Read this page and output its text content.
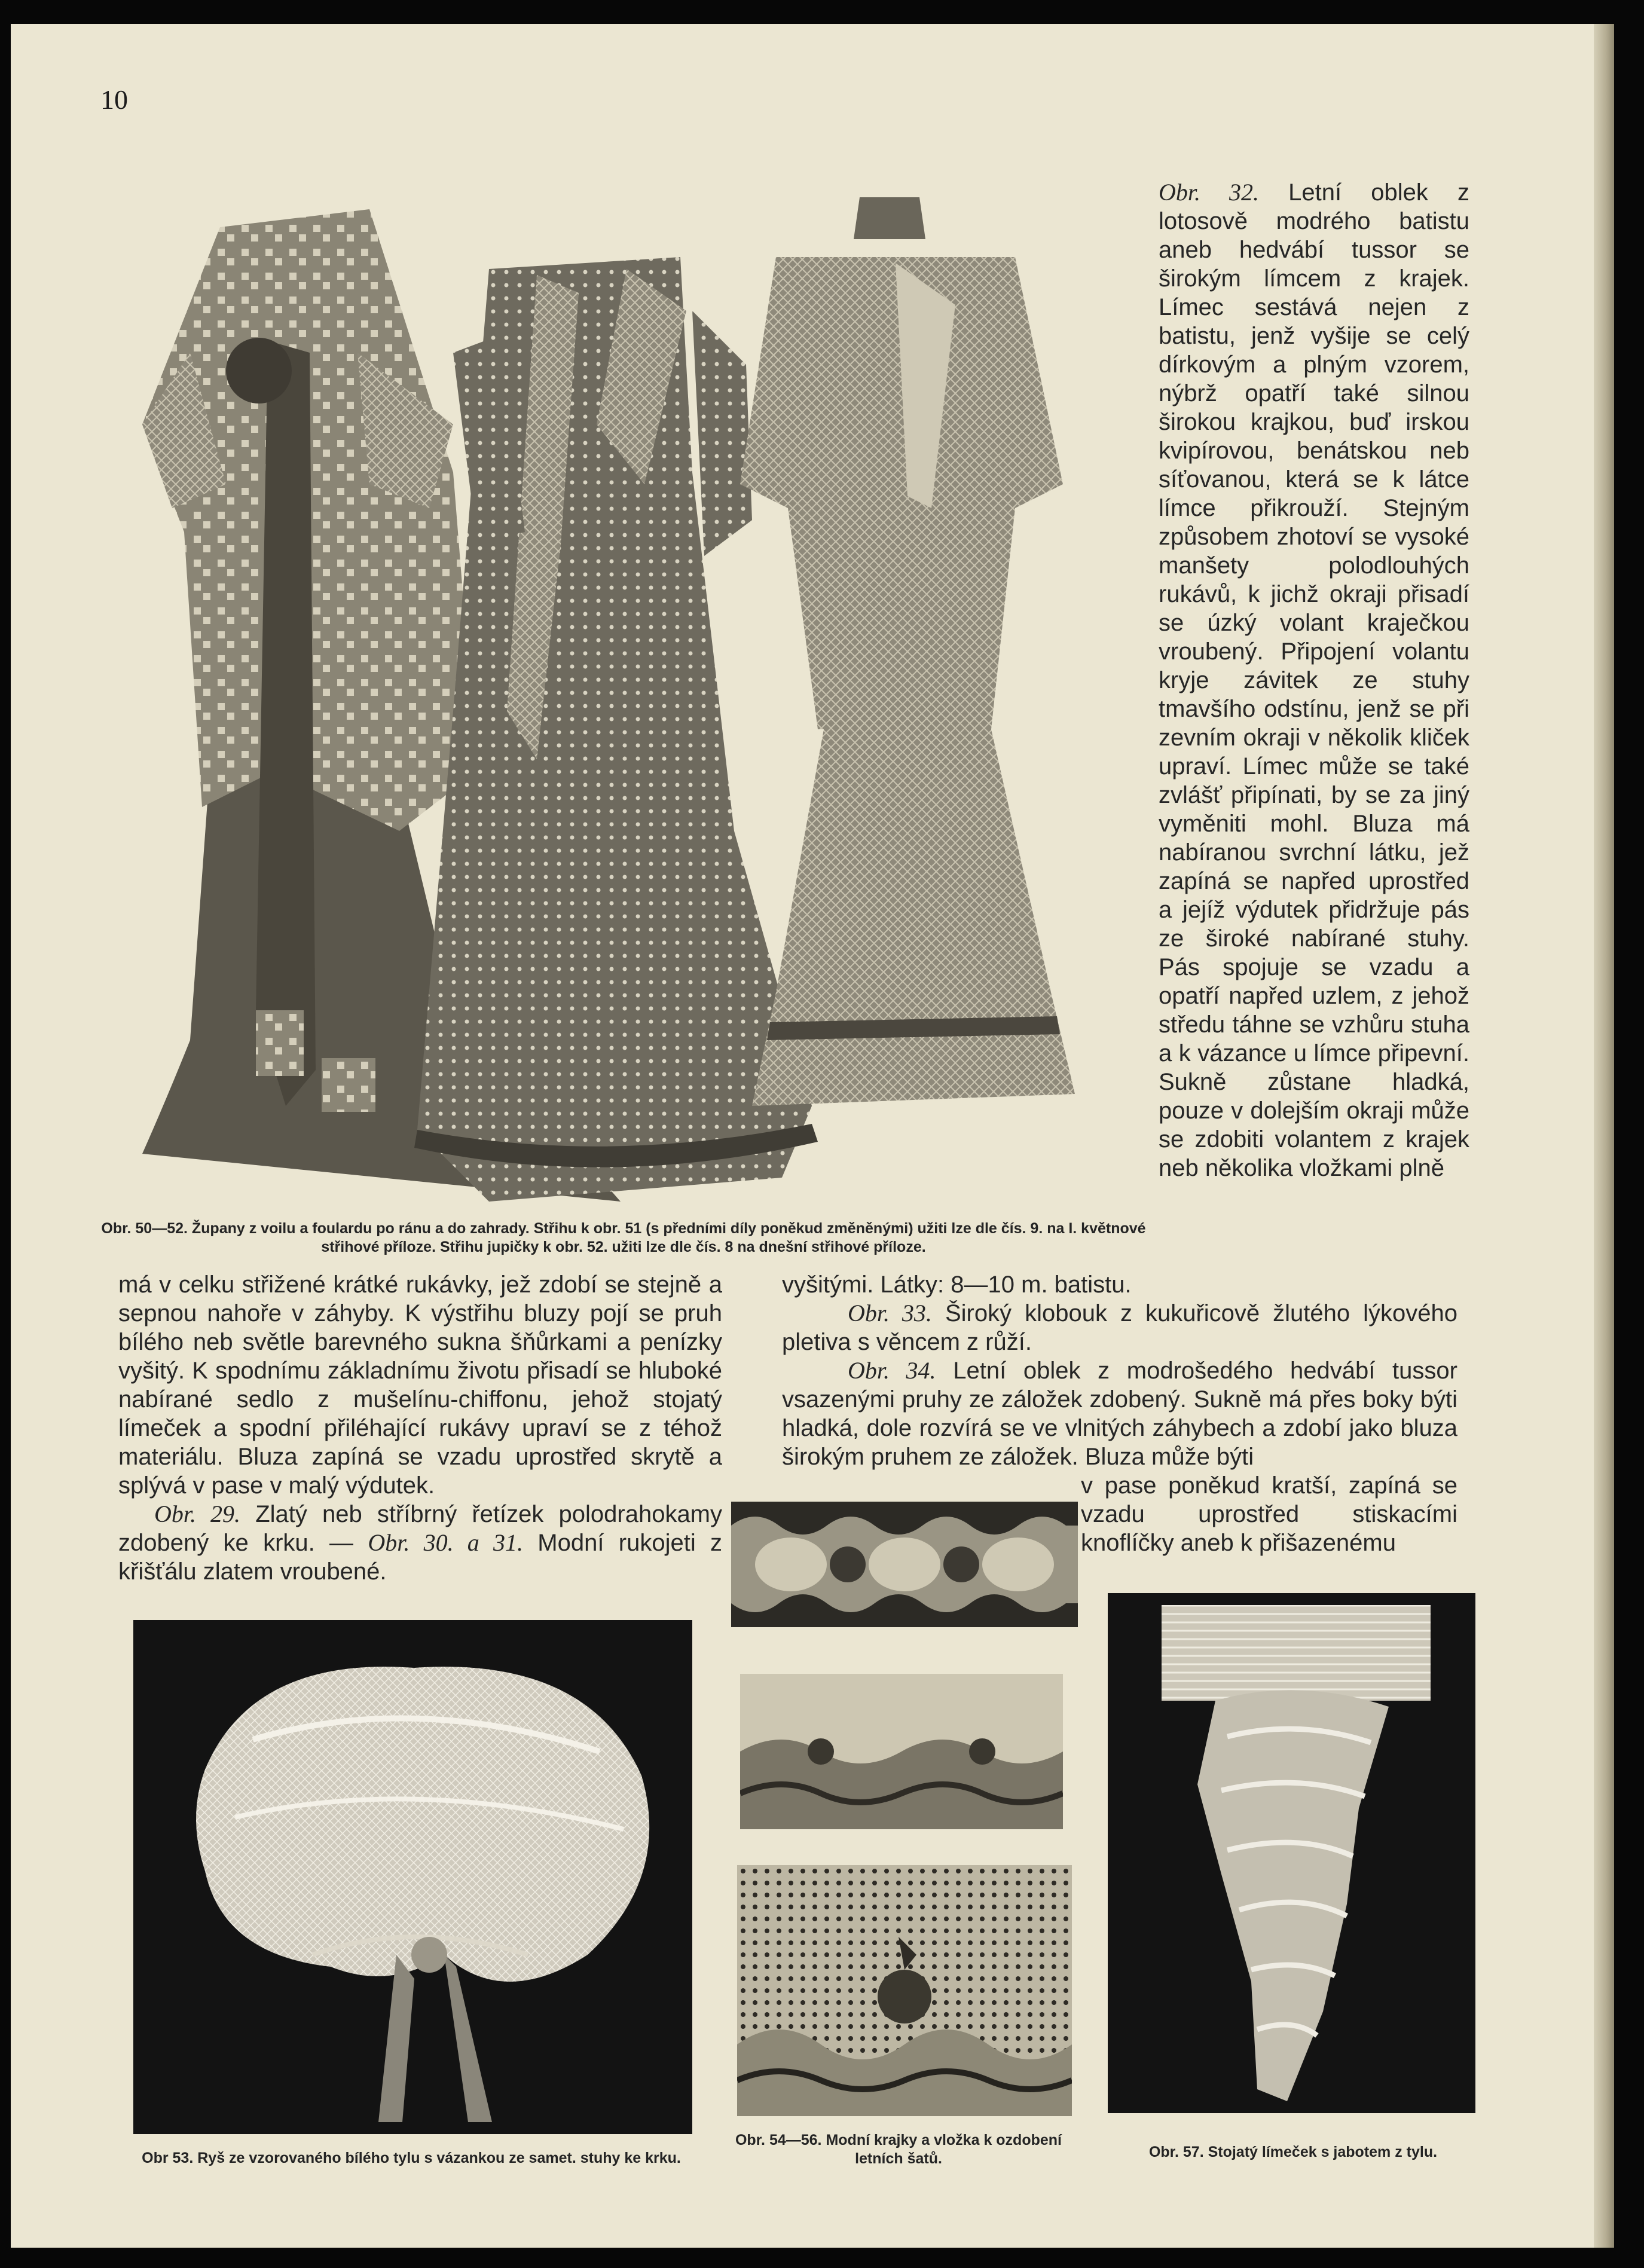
10
Obr. 50—52. Župany z voilu a foulardu po ránu a do zahrady. Střihu k obr. 51 (s předními díly poněkud změněnými) užiti lze dle čís. 9. na I. květnové střihové příloze. Střihu jupičky k obr. 52. užiti lze dle čís. 8 na dnešní střihové příloze.
Obr. 32. Letní oblek z lotosově modrého batistu aneb hedvábí tussor se širokým límcem z krajek. Límec sestává nejen z batistu, jenž vyšije se celý dírkovým a plným vzorem, nýbrž opatří také silnou širokou krajkou, buď irskou kvipírovou, benátskou neb síťovanou, která se k látce límce přikrouží. Stejným způsobem zhotoví se vysoké manšety polodlouhých rukávů, k jichž okraji přisadí se úzký volant kraječkou vroubený. Připojení volantu kryje závitek ze stuhy tmavšího odstínu, jenž se při zevním okraji v několik kliček upraví. Límec může se také zvlášť připínati, by se za jiný vyměniti mohl. Bluza má nabíranou svrchní látku, jež zapíná se napřed uprostřed a jejíž výdutek přidržuje pás ze široké nabírané stuhy. Pás spojuje se vzadu a opatří napřed uzlem, z jehož středu táhne se vzhůru stuha a k vázance u límce připevní. Sukně zůstane hladká, pouze v dolejším okraji může se zdobiti volantem z krajek neb několika vložkami plně
má v celku střižené krátké rukávky, jež zdobí se stejně a sepnou nahoře v záhyby. K výstřihu bluzy pojí se pruh bílého neb světle barevného sukna šňůrkami a penízky vyšitý. K spodnímu základnímu životu přisadí se hluboké nabírané sedlo z mušelínu-chiffonu, jehož stojatý límeček a spodní přiléhající rukávy upraví se z téhož materiálu. Bluza zapíná se vzadu uprostřed skrytě a splývá v pase v malý výdutek.
Obr. 29. Zlatý neb stříbrný řetízek polodrahokamy zdobený ke krku. — Obr. 30. a 31. Modní rukojeti z křišťálu zlatem vroubené.
vyšitými. Látky: 8—10 m. batistu.
Obr. 33. Široký klobouk z kukuřicově žlutého lýkového pletiva s věncem z růží.
Obr. 34. Letní oblek z modrošedého hedvábí tussor vsazenými pruhy ze záložek zdobený. Sukně má přes boky býti hladká, dole rozvírá se ve vlnitých záhybech a zdobí jako bluza širokým pruhem ze záložek. Bluza může býti
v pase poněkud kratší, zapíná se vzadu uprostřed stiskacími knoflíčky aneb k přišazenému
Obr 53. Ryš ze vzorovaného bílého tylu s vázankou ze samet. stuhy ke krku.
Obr. 54—56. Modní krajky a vložka k ozdobení letních šatů.	Obr. 57. Stojatý límeček s jabotem z tylu.
